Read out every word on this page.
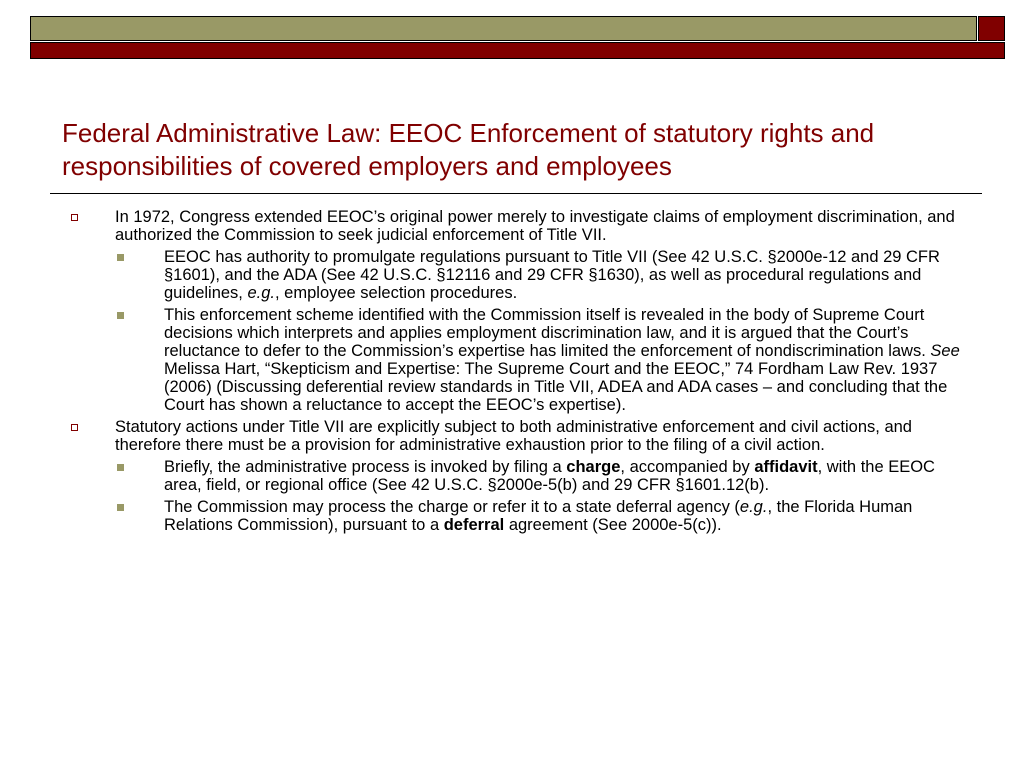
Federal Administrative Law: EEOC Enforcement of statutory rights and responsibilities of covered employers and employees
In 1972, Congress extended EEOC’s original power merely to investigate claims of employment discrimination, and authorized the Commission to seek judicial enforcement of Title VII.
EEOC has authority to promulgate regulations pursuant to Title VII (See 42 U.S.C. §2000e-12 and 29 CFR §1601), and the ADA (See 42 U.S.C. §12116 and 29 CFR §1630), as well as procedural regulations and guidelines, e.g., employee selection procedures.
This enforcement scheme identified with the Commission itself is revealed in the body of Supreme Court decisions which interprets and applies employment discrimination law, and it is argued that the Court’s reluctance to defer to the Commission’s expertise has limited the enforcement of nondiscrimination laws. See Melissa Hart, “Skepticism and Expertise: The Supreme Court and the EEOC,” 74 Fordham Law Rev. 1937 (2006) (Discussing deferential review standards in Title VII, ADEA and ADA cases – and concluding that the Court has shown a reluctance to accept the EEOC’s expertise).
Statutory actions under Title VII are explicitly subject to both administrative enforcement and civil actions, and therefore there must be a provision for administrative exhaustion prior to the filing of a civil action.
Briefly, the administrative process is invoked by filing a charge, accompanied by affidavit, with the EEOC area, field, or regional office (See 42 U.S.C. §2000e-5(b) and 29 CFR §1601.12(b).
The Commission may process the charge or refer it to a state deferral agency (e.g., the Florida Human Relations Commission), pursuant to a deferral agreement (See 2000e-5(c)).
